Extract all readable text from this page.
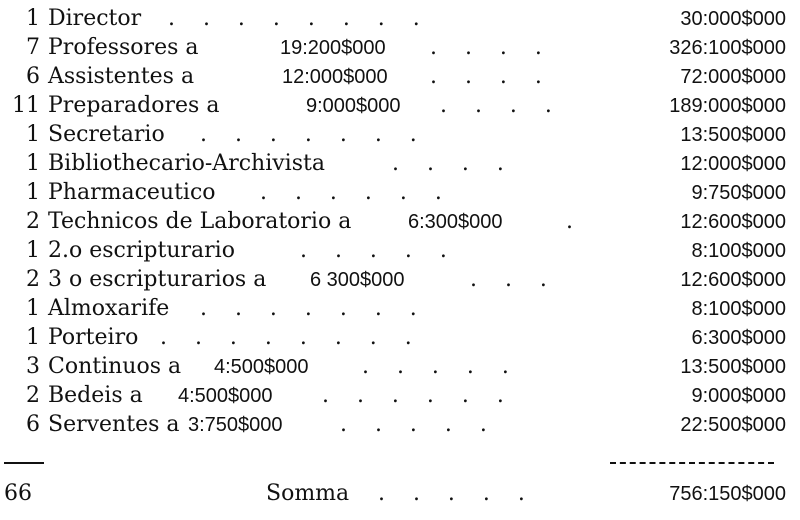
1 Director .    .    .    .    .    .    .    .	30:000$000
7 Professores a	19:200$000 .    .    .    .	326:100$000
6 Assistentes a	12:000$000 .    .    .    .	72:000$000
11 Preparadores a	9:000$000 .    .    .    .	189:000$000
1 Secretario .    .    .    .    .    .    .	13:500$000
1 Bibliothecario-Archivista	.    .    .    .	12:000$000
1 Pharmaceutico .    .    .    .    .    .	9:750$000
2 Technicos de Laboratorio a	6:300$000	.	12:600$000
1 2.o escripturario	.    .    .    .    .	8:100$000
2 3 o escripturarios a 6 300$000	.    .    .	12:600$000
1 Almoxarife .    .    .    .    .    .    .	8:100$000
1 Porteiro .    .    .    .    .    .    .    .	6:300$000
3 Continuos a 4:500$000 .    .    .    .    .	13:500$000
2 Bedeis a 4:500$000 .    .    .    .    .    .	9:000$000
6 Serventes a 3:750$000	.    .    .    .    .	22:500$000
66	Somma .    .    .    .    .	756:150$000
